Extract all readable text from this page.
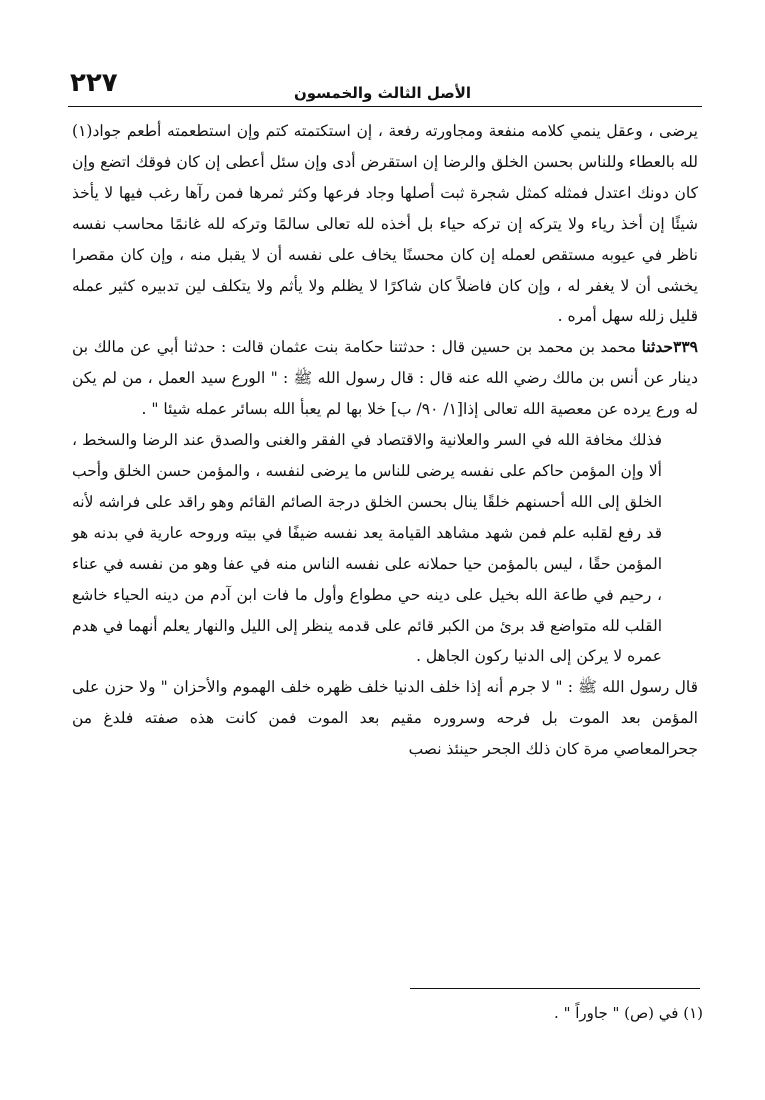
٢٢٧	الأصل الثالث والخمسون

يرضى ، وعقل ينمي كلامه منفعة ومجاورته رفعة ، إن استكتمته كتم وإن استطعمته أطعم جواد(١) لله بالعطاء وللناس بحسن الخلق والرضا إن استقرض أدى وإن سئل أعطى إن كان فوقك اتضع وإن كان دونك اعتدل فمثله كمثل شجرة ثبت أصلها وجاد فرعها وكثر ثمرها فمن رآها رغب فيها لا يأخذ شيئًا إن أخذ رياء ولا يتركه إن تركه حياء بل أخذه لله تعالى سالمًا وتركه لله غانمًا محاسب نفسه ناظر في عيوبه مستقص لعمله إن كان محسنًا يخاف على نفسه أن لا يقبل منه ، وإن كان مقصرا يخشى أن لا يغفر له ، وإن كان فاضلاً كان شاكرًا لا يظلم ولا يأثم ولا يتكلف لين تدبيره كثير عمله قليل زلله سهل أمره .

٣٣٩حدثنا محمد بن محمد بن حسين قال : حدثتنا حكامة بنت عثمان قالت : حدثنا أبي عن مالك بن دينار عن أنس بن مالك رضي الله عنه قال : قال رسول الله ﷺ : " الورع سيد العمل ، من لم يكن له ورع يرده عن معصية الله تعالى إذا[١/ ٩٠/ ب] خلا بها لم يعبأ الله بسائر عمله شيئا " .

فذلك مخافة الله في السر والعلانية والاقتصاد في الفقر والغنى والصدق عند الرضا والسخط ، ألا وإن المؤمن حاكم على نفسه يرضى للناس ما يرضى لنفسه ، والمؤمن حسن الخلق وأحب الخلق إلى الله أحسنهم خلقًا ينال بحسن الخلق درجة الصائم القائم وهو راقد على فراشه لأنه قد رفع لقلبه علم فمن شهد مشاهد القيامة يعد نفسه ضيفًا في بيته وروحه عارية في بدنه هو المؤمن حقًا ، ليس بالمؤمن حيا حملانه على نفسه الناس منه في عفا وهو من نفسه في عناء ، رحيم في طاعة الله بخيل على دينه حي مطواع وأول ما فات ابن آدم من دينه الحياء خاشع القلب لله متواضع قد برئ من الكبر قائم على قدمه ينظر إلى الليل والنهار يعلم أنهما في هدم عمره لا يركن إلى الدنيا ركون الجاهل .

قال رسول الله ﷺ : " لا جرم أنه إذا خلف الدنيا خلف ظهره خلف الهموم والأحزان " ولا حزن على المؤمن بعد الموت بل فرحه وسروره مقيم بعد الموت فمن كانت هذه صفته فلدغ من جحرالمعاصي مرة كان ذلك الجحر حينئذ نصب

(١) في (ص) " جاوراً " .
